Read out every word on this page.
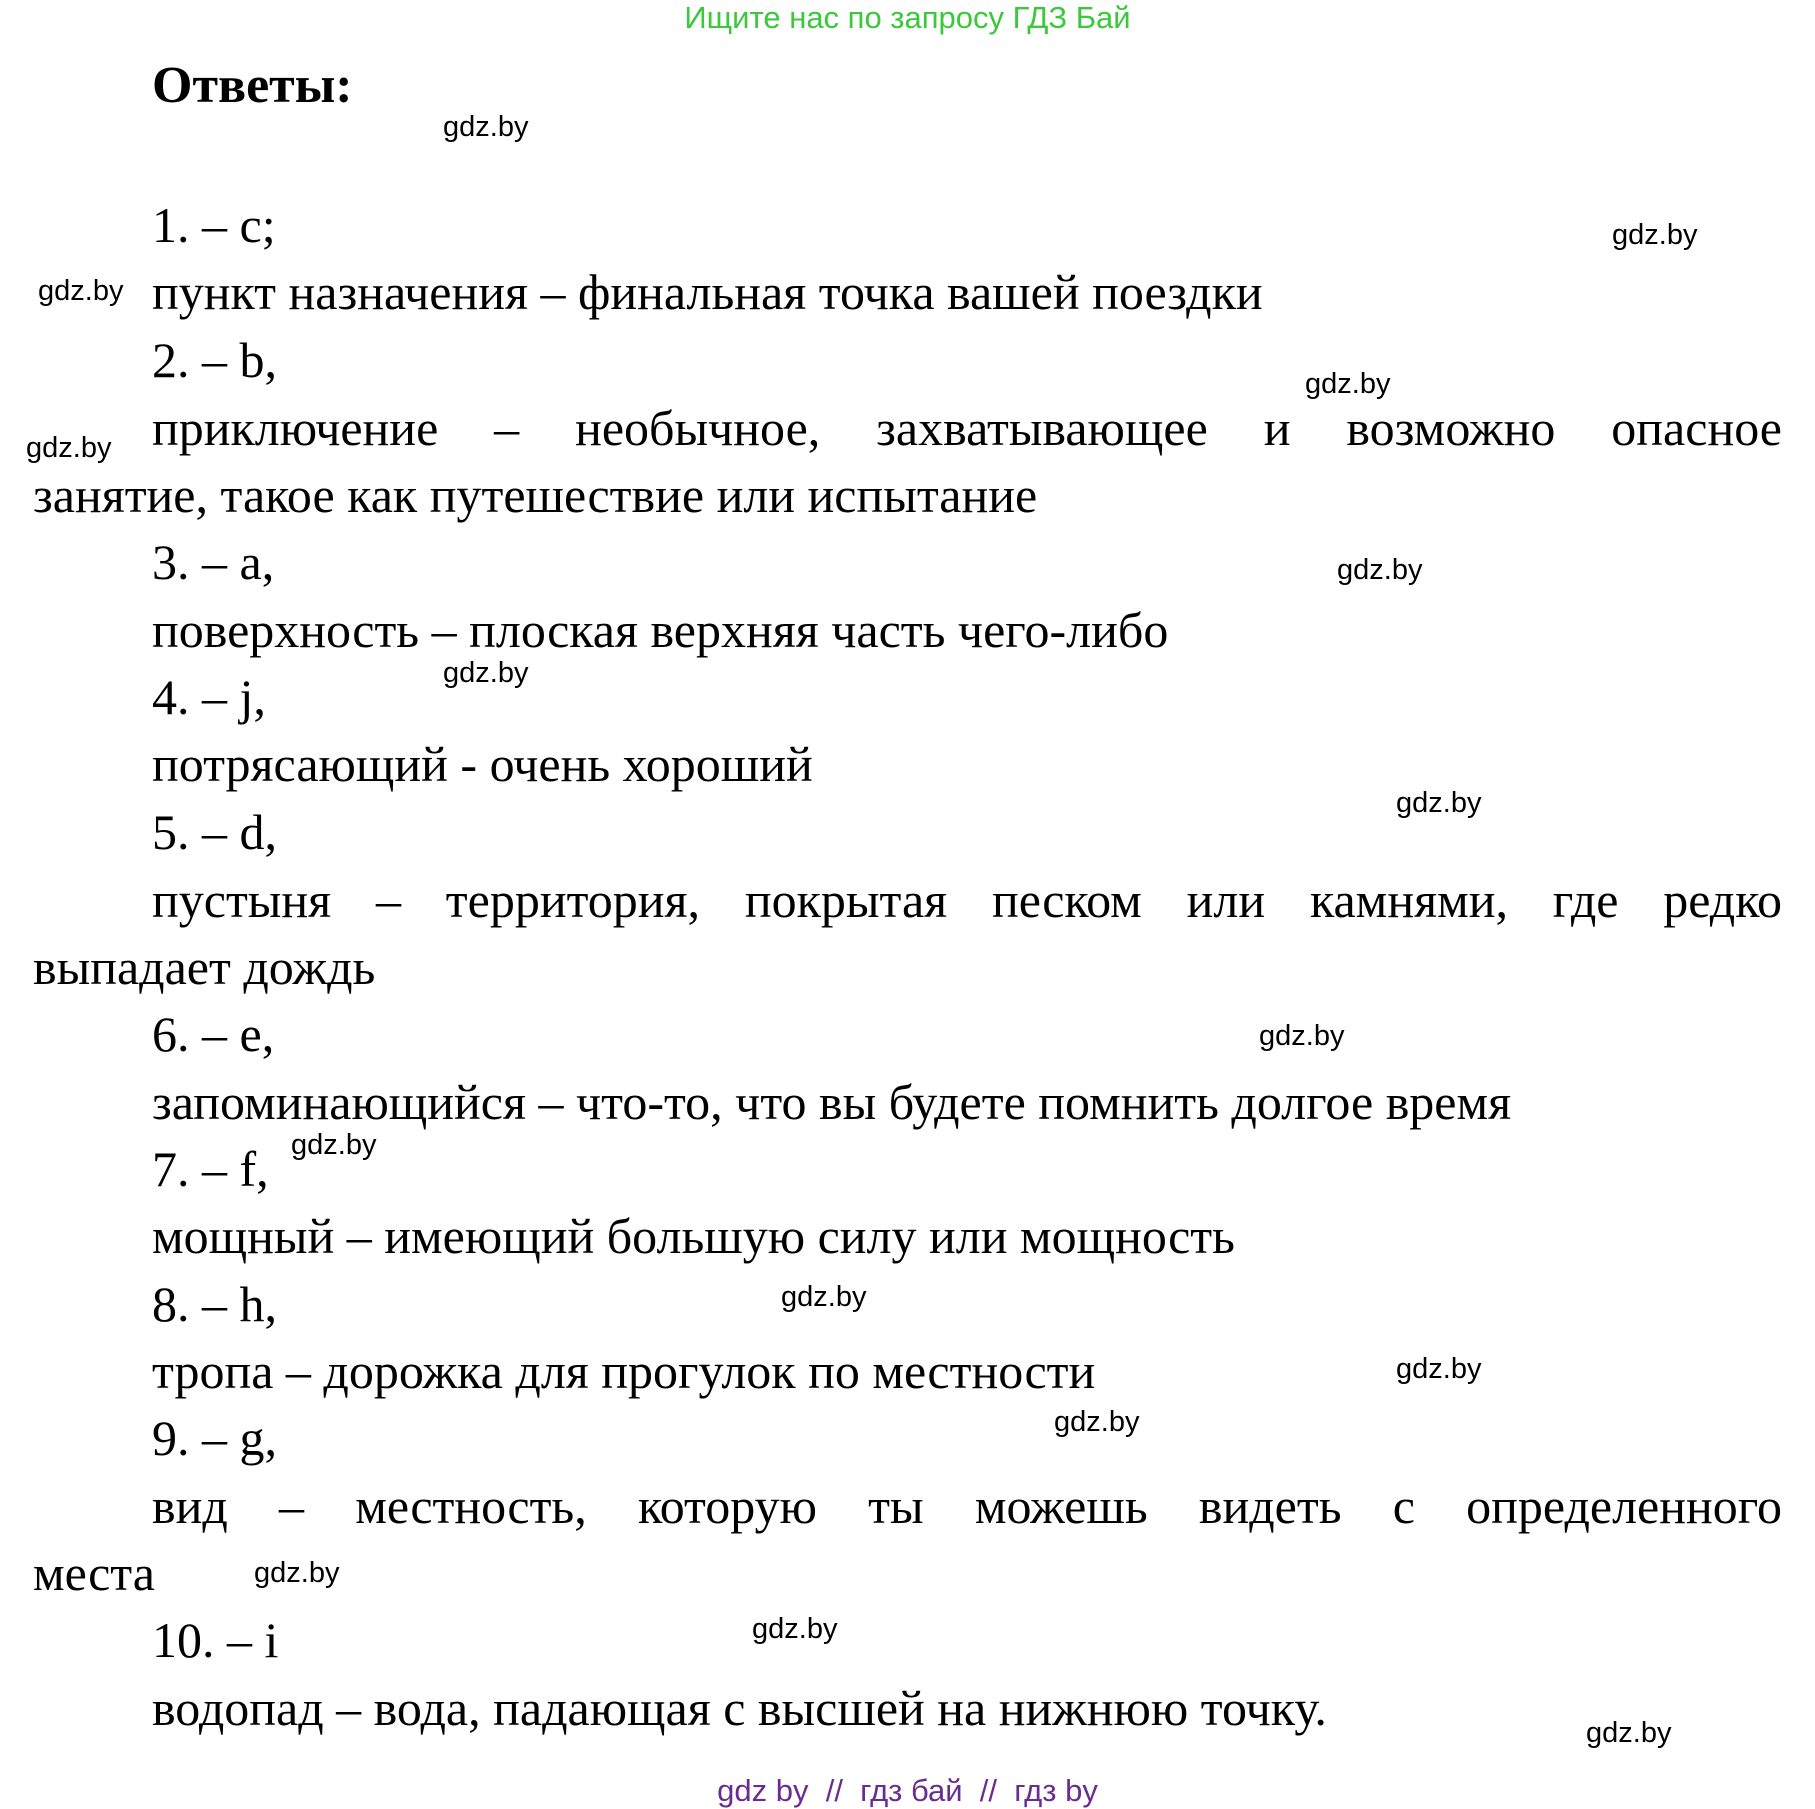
Ищите нас по запросу ГДЗ Бай
Ответы:
1. – c;
пункт назначения – финальная точка вашей поездки
2. – b,
приключение – необычное, захватывающее и возможно опасное
занятие, такое как путешествие или испытание
3. – a,
поверхность – плоская верхняя часть чего-либо
4. – j,
потрясающий - очень хороший
5. – d,
пустыня – территория, покрытая песком или камнями, где редко
выпадает дождь
6. – e,
запоминающийся – что-то, что вы будете помнить долгое время
7. – f,
мощный – имеющий большую силу или мощность
8. – h,
тропа – дорожка для прогулок по местности
9. – g,
вид – местность, которую ты можешь видеть с определенного
места
10. – i
водопад – вода, падающая с высшей на нижнюю точку.
gdz.by
gdz.by
gdz.by
gdz.by
gdz.by
gdz.by
gdz.by
gdz.by
gdz.by
gdz.by
gdz.by
gdz.by
gdz.by
gdz.by
gdz.by
gdz.by
gdz by  //  гдз бай  //  гдз by
